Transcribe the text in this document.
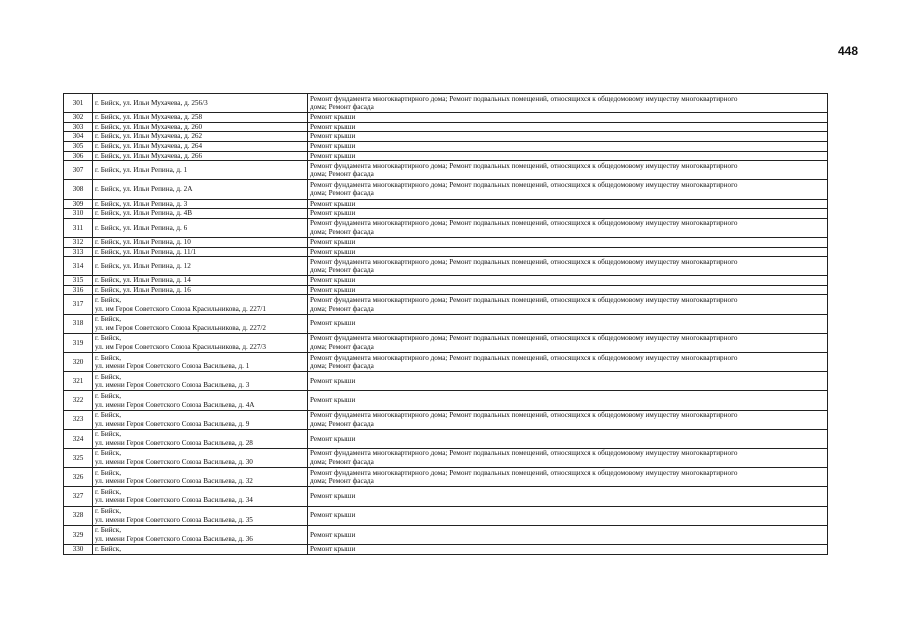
448
301	г. Бийск, ул. Ильи Мухачева, д. 256/3	Ремонт фундамента многоквартирного дома; Ремонт подвальных помещений, относящихся к общедомовому имуществу многоквартирного
дома; Ремонт фасада

302	г. Бийск, ул. Ильи Мухачева, д. 258	Ремонт крыши

303	г. Бийск, ул. Ильи Мухачева, д. 260	Ремонт крыши

304	г. Бийск, ул. Ильи Мухачева, д. 262	Ремонт крыши

305	г. Бийск, ул. Ильи Мухачева, д. 264	Ремонт крыши

306	г. Бийск, ул. Ильи Мухачева, д. 266	Ремонт крыши

307	г. Бийск, ул. Ильи Репина, д. 1	Ремонт фундамента многоквартирного дома; Ремонт подвальных помещений, относящихся к общедомовому имуществу многоквартирного
дома; Ремонт фасада

308	г. Бийск, ул. Ильи Репина, д. 2А	Ремонт фундамента многоквартирного дома; Ремонт подвальных помещений, относящихся к общедомовому имуществу многоквартирного
дома; Ремонт фасада

309	г. Бийск, ул. Ильи Репина, д. 3	Ремонт крыши

310	г. Бийск, ул. Ильи Репина, д. 4В	Ремонт крыши

311	г. Бийск, ул. Ильи Репина, д. 6	Ремонт фундамента многоквартирного дома; Ремонт подвальных помещений, относящихся к общедомовому имуществу многоквартирного
дома; Ремонт фасада

312	г. Бийск, ул. Ильи Репина, д. 10	Ремонт крыши

313	г. Бийск, ул. Ильи Репина, д. 11/1	Ремонт крыши

314	г. Бийск, ул. Ильи Репина, д. 12	Ремонт фундамента многоквартирного дома; Ремонт подвальных помещений, относящихся к общедомовому имуществу многоквартирного
дома; Ремонт фасада

315	г. Бийск, ул. Ильи Репина, д. 14	Ремонт крыши

316	г. Бийск, ул. Ильи Репина, д. 16	Ремонт крыши

317	г. Бийск,
ул. им Героя Советского Союза Красильникова, д. 227/1	Ремонт фундамента многоквартирного дома; Ремонт подвальных помещений, относящихся к общедомовому имуществу многоквартирного
дома; Ремонт фасада

318	г. Бийск,
ул. им Героя Советского Союза Красильникова, д. 227/2	Ремонт крыши

319	г. Бийск,
ул. им Героя Советского Союза Красильникова, д. 227/3	Ремонт фундамента многоквартирного дома; Ремонт подвальных помещений, относящихся к общедомовому имуществу многоквартирного
дома; Ремонт фасада

320	г. Бийск,
ул. имени Героя Советского Союза Васильева, д. 1	Ремонт фундамента многоквартирного дома; Ремонт подвальных помещений, относящихся к общедомовому имуществу многоквартирного
дома; Ремонт фасада

321	г. Бийск,
ул. имени Героя Советского Союза Васильева, д. 3	Ремонт крыши

322	г. Бийск,
ул. имени Героя Советского Союза Васильева, д. 4А	Ремонт крыши

323	г. Бийск,
ул. имени Героя Советского Союза Васильева, д. 9	Ремонт фундамента многоквартирного дома; Ремонт подвальных помещений, относящихся к общедомовому имуществу многоквартирного
дома; Ремонт фасада

324	г. Бийск,
ул. имени Героя Советского Союза Васильева, д. 28	Ремонт крыши

325	г. Бийск,
ул. имени Героя Советского Союза Васильева, д. 30	Ремонт фундамента многоквартирного дома; Ремонт подвальных помещений, относящихся к общедомовому имуществу многоквартирного
дома; Ремонт фасада

326	г. Бийск,
ул. имени Героя Советского Союза Васильева, д. 32	Ремонт фундамента многоквартирного дома; Ремонт подвальных помещений, относящихся к общедомовому имуществу многоквартирного
дома; Ремонт фасада

327	г. Бийск,
ул. имени Героя Советского Союза Васильева, д. 34	Ремонт крыши

328	г. Бийск,
ул. имени Героя Советского Союза Васильева, д. 35	Ремонт крыши

329	г. Бийск,
ул. имени Героя Советского Союза Васильева, д. 36	Ремонт крыши

330	г. Бийск,	Ремонт крыши
